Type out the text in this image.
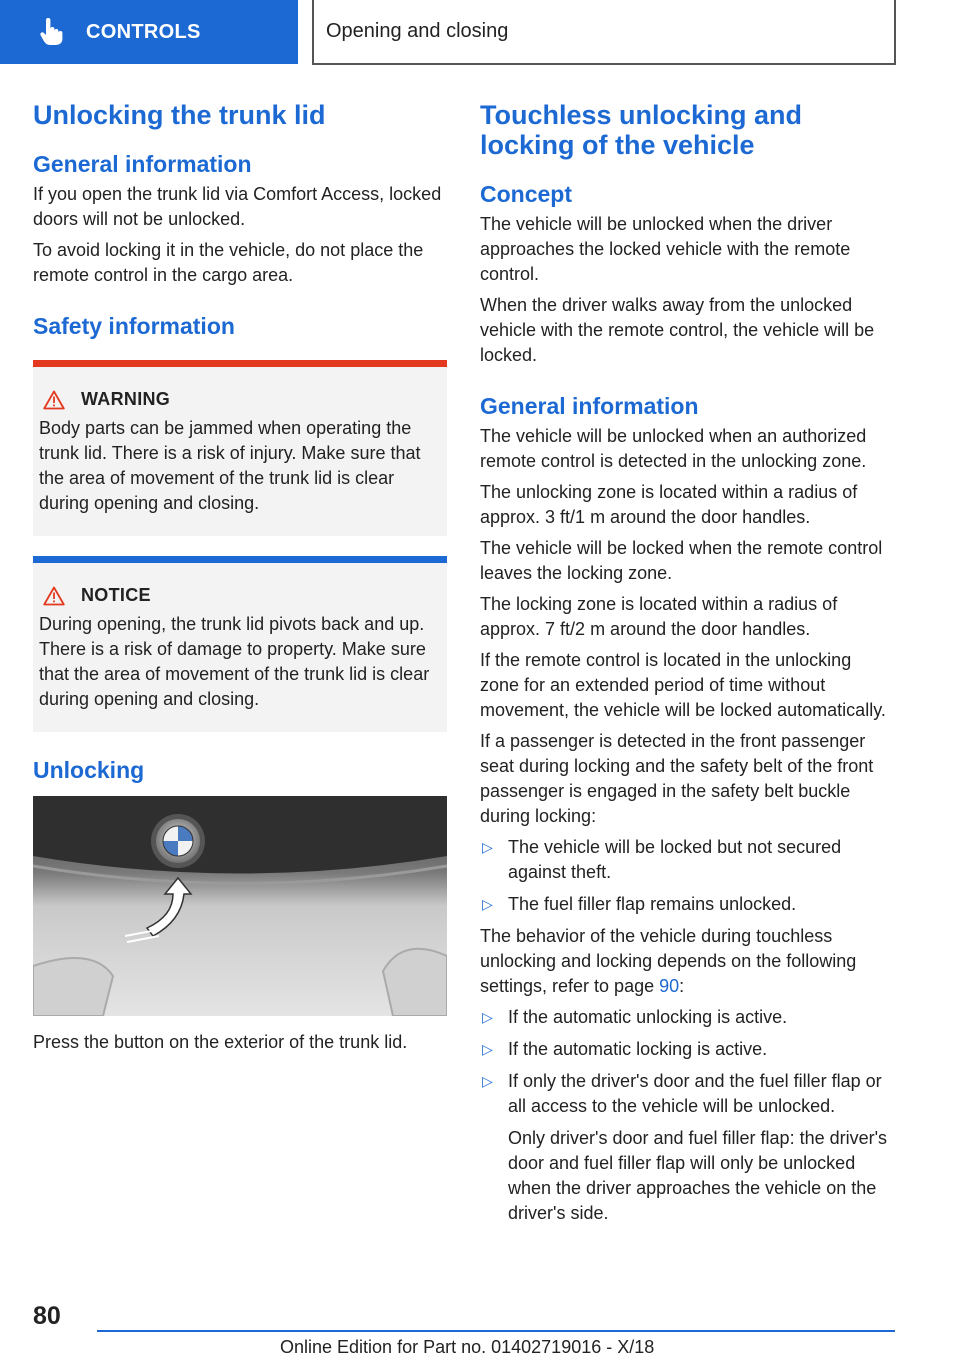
CONTROLS	Opening and closing
Unlocking the trunk lid
General information

If you open the trunk lid via Comfort Access, locked doors will not be unlocked.

To avoid locking it in the vehicle, do not place the remote control in the cargo area.

Safety information
WARNING

Body parts can be jammed when operating the trunk lid. There is a risk of injury. Make sure that the area of movement of the trunk lid is clear during opening and closing.

NOTICE

During opening, the trunk lid pivots back and up. There is a risk of damage to property. Make sure that the area of movement of the trunk lid is clear during opening and closing.

Unlocking

Press the button on the exterior of the trunk lid.

Touchless unlocking and locking of the vehicle
Concept

The vehicle will be unlocked when the driver approaches the locked vehicle with the remote control.

When the driver walks away from the unlocked vehicle with the remote control, the vehicle will be locked.

General information

The vehicle will be unlocked when an authorized remote control is detected in the unlocking zone.

The unlocking zone is located within a radius of approx. 3 ft/1 m around the door handles.

The vehicle will be locked when the remote control leaves the locking zone.

The locking zone is located within a radius of approx. 7 ft/2 m around the door handles.

If the remote control is located in the unlocking zone for an extended period of time without movement, the vehicle will be locked automatically.

If a passenger is detected in the front passenger seat during locking and the safety belt of the front passenger is engaged in the safety belt buckle during locking:

▷ The vehicle will be locked but not secured against theft.
▷ The fuel filler flap remains unlocked.

The behavior of the vehicle during touchless unlocking and locking depends on the following settings, refer to page 90:

▷ If the automatic unlocking is active.
▷ If the automatic locking is active.
▷ If only the driver's door and the fuel filler flap or all access to the vehicle will be unlocked.

Only driver's door and fuel filler flap: the driver's door and fuel filler flap will only be unlocked when the driver approaches the vehicle on the driver's side.

80
Online Edition for Part no. 01402719016 - X/18
